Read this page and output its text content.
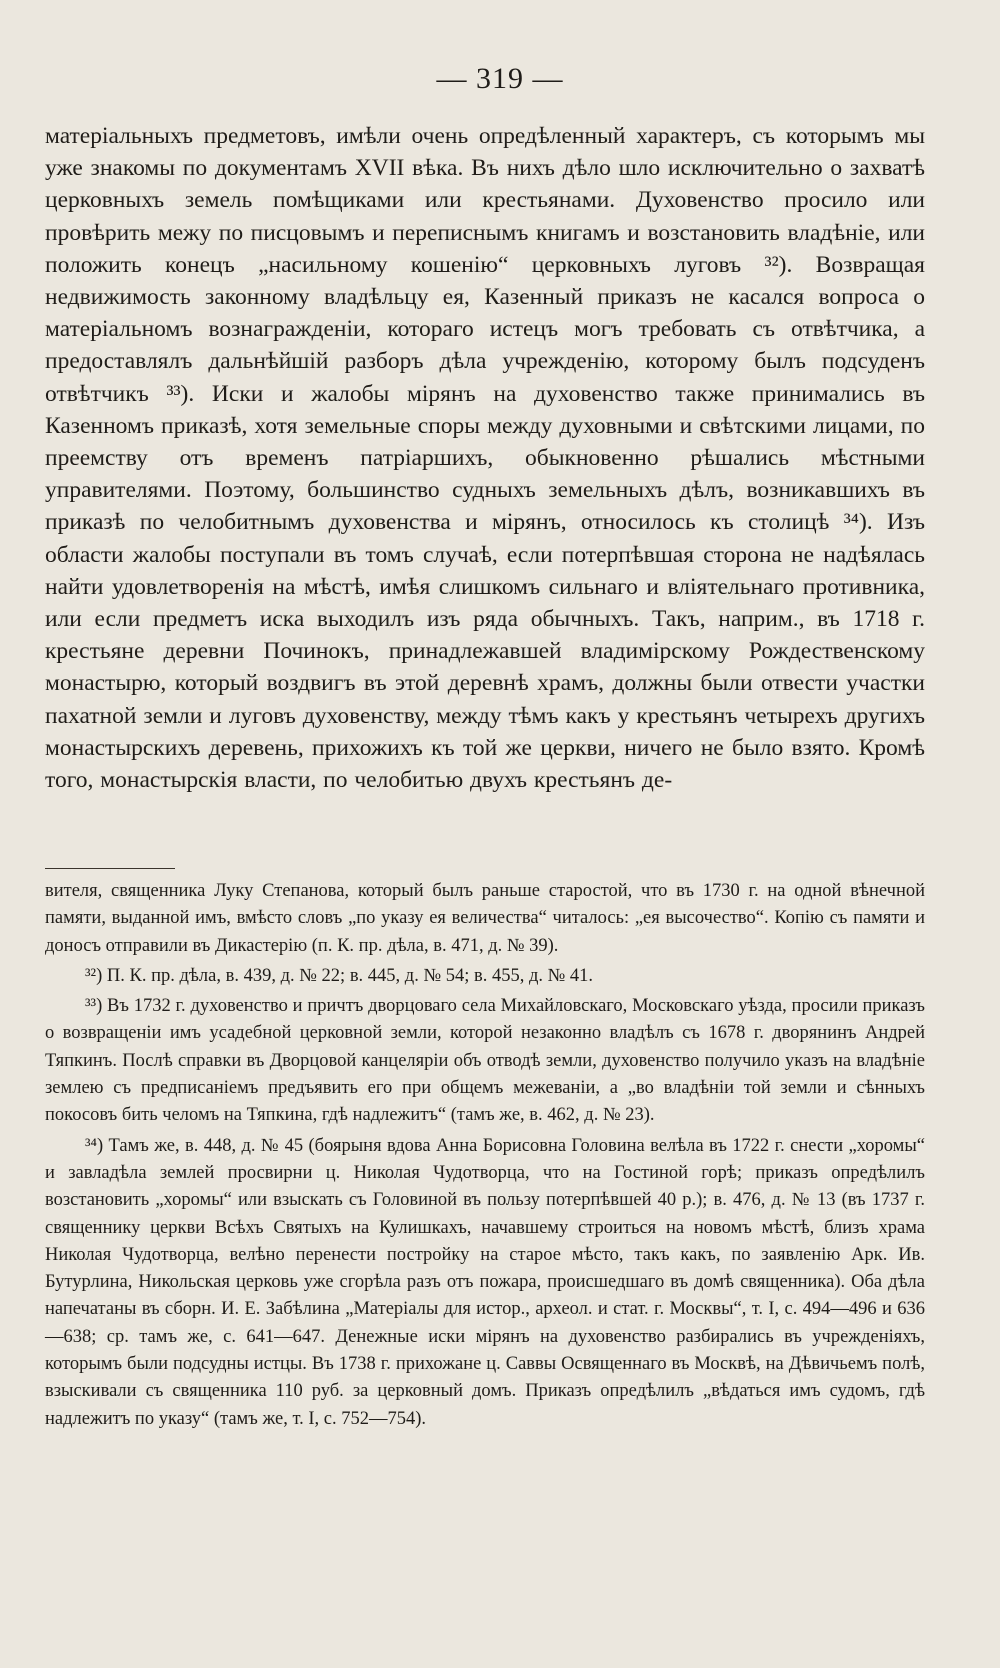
— 319 —

матеріальныхъ предметовъ, имѣли очень опредѣленный характеръ, съ которымъ мы уже знакомы по документамъ XVII вѣка. Въ нихъ дѣло шло исключительно о захватѣ церковныхъ земель помѣщиками или крестьянами. Духовенство просило или провѣрить межу по писцовымъ и переписнымъ книгамъ и возстановить владѣніе, или положить конецъ „насильному кошенію“ церковныхъ луговъ ³²). Возвращая недвижимость законному владѣльцу ея, Казенный приказъ не касался вопроса о матеріальномъ вознагражденіи, котораго истецъ могъ требовать съ отвѣтчика, а предоставлялъ дальнѣйшій разборъ дѣла учрежденію, которому былъ подсуденъ отвѣтчикъ ³³). Иски и жалобы мірянъ на духовенство также принимались въ Казенномъ приказѣ, хотя земельные споры между духовными и свѣтскими лицами, по преемству отъ временъ патріаршихъ, обыкновенно рѣшались мѣстными управителями. Поэтому, большинство судныхъ земельныхъ дѣлъ, возникавшихъ въ приказѣ по челобитнымъ духовенства и мірянъ, относилось къ столицѣ ³⁴). Изъ области жалобы поступали въ томъ случаѣ, если потерпѣвшая сторона не надѣялась найти удовлетворенія на мѣстѣ, имѣя слишкомъ сильнаго и вліятельнаго противника, или если предметъ иска выходилъ изъ ряда обычныхъ. Такъ, наприм., въ 1718 г. крестьяне деревни Починокъ, принадлежавшей владимірскому Рождественскому монастырю, который воздвигъ въ этой деревнѣ храмъ, должны были отвести участки пахатной земли и луговъ духовенству, между тѣмъ какъ у крестьянъ четырехъ другихъ монастырскихъ деревень, прихожихъ къ той же церкви, ничего не было взято. Кромѣ того, монастырскія власти, по челобитью двухъ крестьянъ де-

вителя, священника Луку Степанова, который былъ раньше старостой, что въ 1730 г. на одной вѣнечной памяти, выданной имъ, вмѣсто словъ „по указу ея величества“ читалось: „ея высочество“. Копію съ памяти и доносъ отправили въ Дикастерію (п. К. пр. дѣла, в. 471, д. № 39).

³²) П. К. пр. дѣла, в. 439, д. № 22; в. 445, д. № 54; в. 455, д. № 41.

³³) Въ 1732 г. духовенство и причтъ дворцоваго села Михайловскаго, Московскаго уѣзда, просили приказъ о возвращеніи имъ усадебной церковной земли, которой незаконно владѣлъ съ 1678 г. дворянинъ Андрей Тяпкинъ. Послѣ справки въ Дворцовой канцеляріи объ отводѣ земли, духовенство получило указъ на владѣніе землею съ предписаніемъ предъявить его при общемъ межеваніи, а „во владѣніи той земли и сѣнныхъ покосовъ бить челомъ на Тяпкина, гдѣ надлежитъ“ (тамъ же, в. 462, д. № 23).

³⁴) Тамъ же, в. 448, д. № 45 (боярыня вдова Анна Борисовна Головина велѣла въ 1722 г. снести „хоромы“ и завладѣла землей просвирни ц. Николая Чудотворца, что на Гостиной горѣ; приказъ опредѣлилъ возстановить „хоромы“ или взыскать съ Головиной въ пользу потерпѣвшей 40 р.); в. 476, д. № 13 (въ 1737 г. священнику церкви Всѣхъ Святыхъ на Кулишкахъ, начавшему строиться на новомъ мѣстѣ, близъ храма Николая Чудотворца, велѣно перенести постройку на старое мѣсто, такъ какъ, по заявленію Арк. Ив. Бутурлина, Никольская церковь уже сгорѣла разъ отъ пожара, происшедшаго въ домѣ священника). Оба дѣла напечатаны въ сборн. И. Е. Забѣлина „Матеріалы для истор., археол. и стат. г. Москвы“, т. I, с. 494—496 и 636—638; ср. тамъ же, с. 641—647. Денежные иски мірянъ на духовенство разбирались въ учрежденіяхъ, которымъ были подсудны истцы. Въ 1738 г. прихожане ц. Саввы Освященнаго въ Москвѣ, на Дѣвичьемъ полѣ, взыскивали съ священника 110 руб. за церковный домъ. Приказъ опредѣлилъ „вѣдаться имъ судомъ, гдѣ надлежитъ по указу“ (тамъ же, т. I, с. 752—754).
